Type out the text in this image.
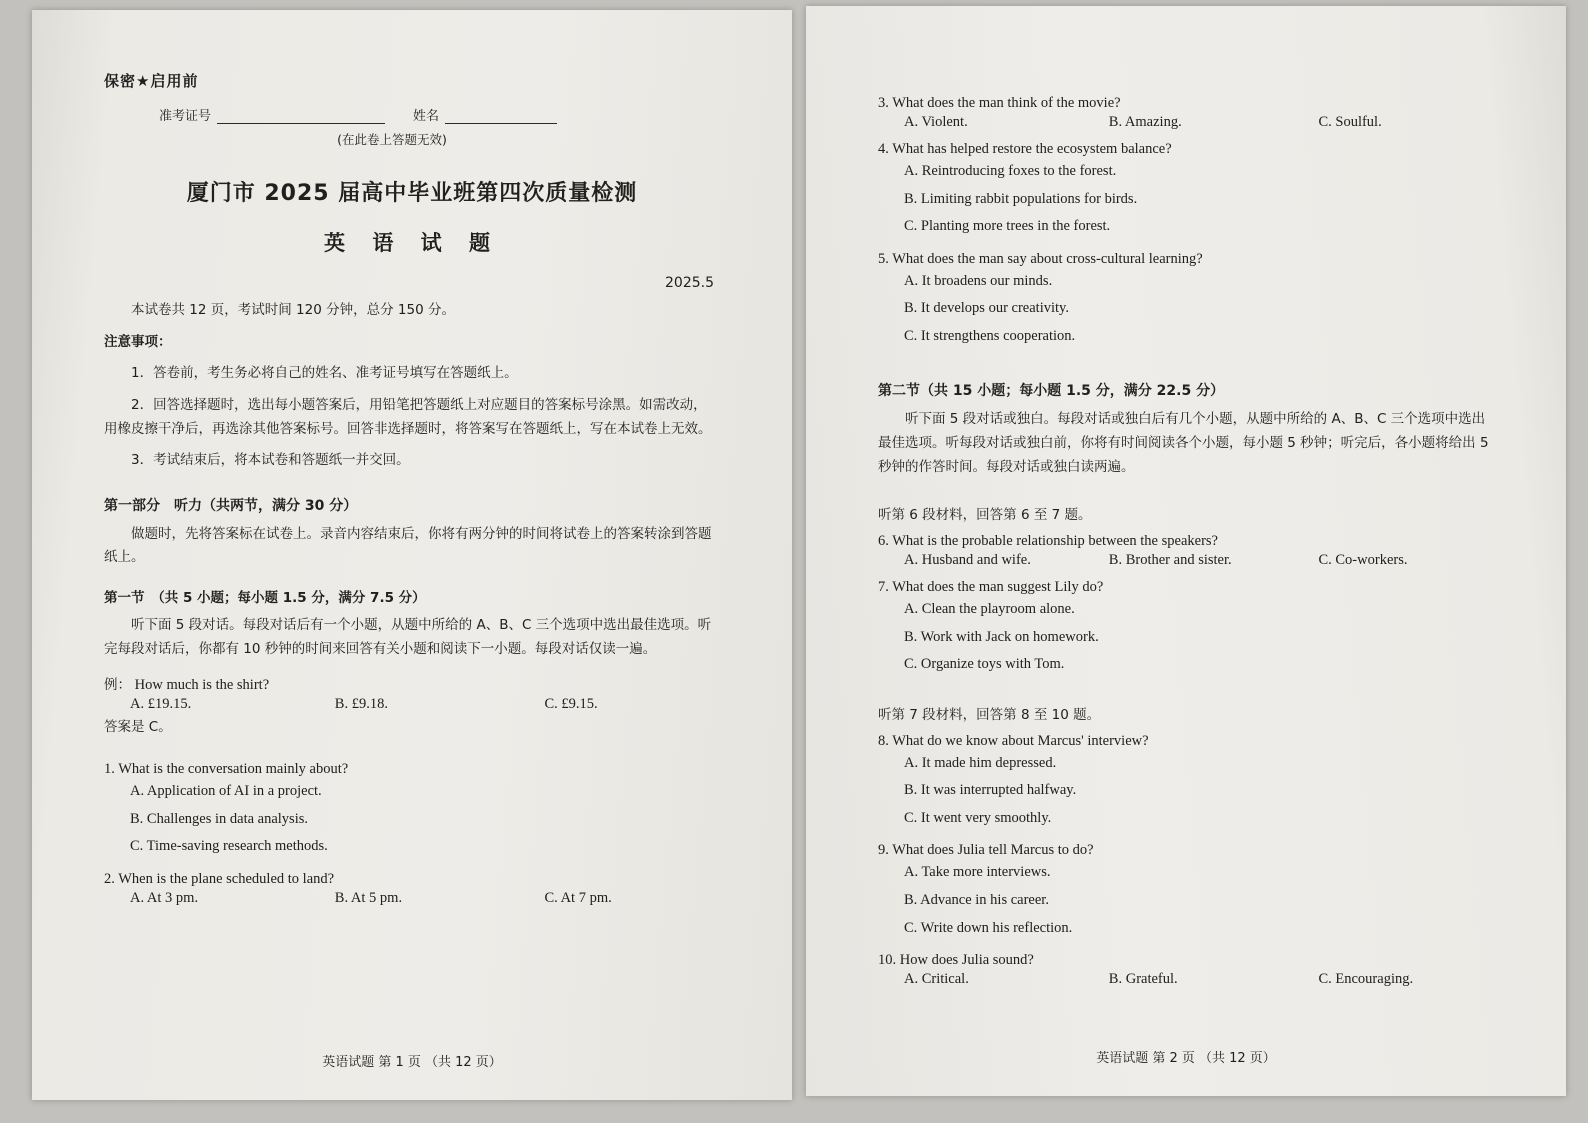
保密★启用前
准考证号	姓名
(在此卷上答题无效)
厦门市 2025 届高中毕业班第四次质量检测
英 语 试 题
2025.5
本试卷共 12 页，考试时间 120 分钟，总分 150 分。
注意事项：
1．答卷前，考生务必将自己的姓名、准考证号填写在答题纸上。
2．回答选择题时，选出每小题答案后，用铅笔把答题纸上对应题目的答案标号涂黑。如需改动，用橡皮擦干净后，再选涂其他答案标号。回答非选择题时，将答案写在答题纸上，写在本试卷上无效。
3．考试结束后，将本试卷和答题纸一并交回。
第一部分　听力（共两节，满分 30 分）
做题时，先将答案标在试卷上。录音内容结束后，你将有两分钟的时间将试卷上的答案转涂到答题纸上。
第一节　（共 5 小题；每小题 1.5 分，满分 7.5 分）
听下面 5 段对话。每段对话后有一个小题，从题中所给的 A、B、C 三个选项中选出最佳选项。听完每段对话后，你都有 10 秒钟的时间来回答有关小题和阅读下一小题。每段对话仅读一遍。
例： How much is the shirt?
A. £19.15.	B. £9.18.	C. £9.15.
答案是 C。
1. What is the conversation mainly about?
A. Application of AI in a project.
B. Challenges in data analysis.
C. Time-saving research methods.
2. When is the plane scheduled to land?
A. At 3 pm.	B. At 5 pm.	C. At 7 pm.
英语试题 第 1 页 （共 12 页）
3. What does the man think of the movie?
A. Violent.	B. Amazing.	C. Soulful.
4. What has helped restore the ecosystem balance?
A. Reintroducing foxes to the forest.
B. Limiting rabbit populations for birds.
C. Planting more trees in the forest.
5. What does the man say about cross-cultural learning?
A. It broadens our minds.
B. It develops our creativity.
C. It strengthens cooperation.
第二节（共 15 小题；每小题 1.5 分，满分 22.5 分）
听下面 5 段对话或独白。每段对话或独白后有几个小题，从题中所给的 A、B、C 三个选项中选出最佳选项。听每段对话或独白前，你将有时间阅读各个小题，每小题 5 秒钟；听完后，各小题将给出 5 秒钟的作答时间。每段对话或独白读两遍。
听第 6 段材料，回答第 6 至 7 题。
6. What is the probable relationship between the speakers?
A. Husband and wife.	B. Brother and sister.	C. Co-workers.
7. What does the man suggest Lily do?
A. Clean the playroom alone.
B. Work with Jack on homework.
C. Organize toys with Tom.
听第 7 段材料，回答第 8 至 10 题。
8. What do we know about Marcus' interview?
A. It made him depressed.
B. It was interrupted halfway.
C. It went very smoothly.
9. What does Julia tell Marcus to do?
A. Take more interviews.
B. Advance in his career.
C. Write down his reflection.
10. How does Julia sound?
A. Critical.	B. Grateful.	C. Encouraging.
英语试题 第 2 页 （共 12 页）
